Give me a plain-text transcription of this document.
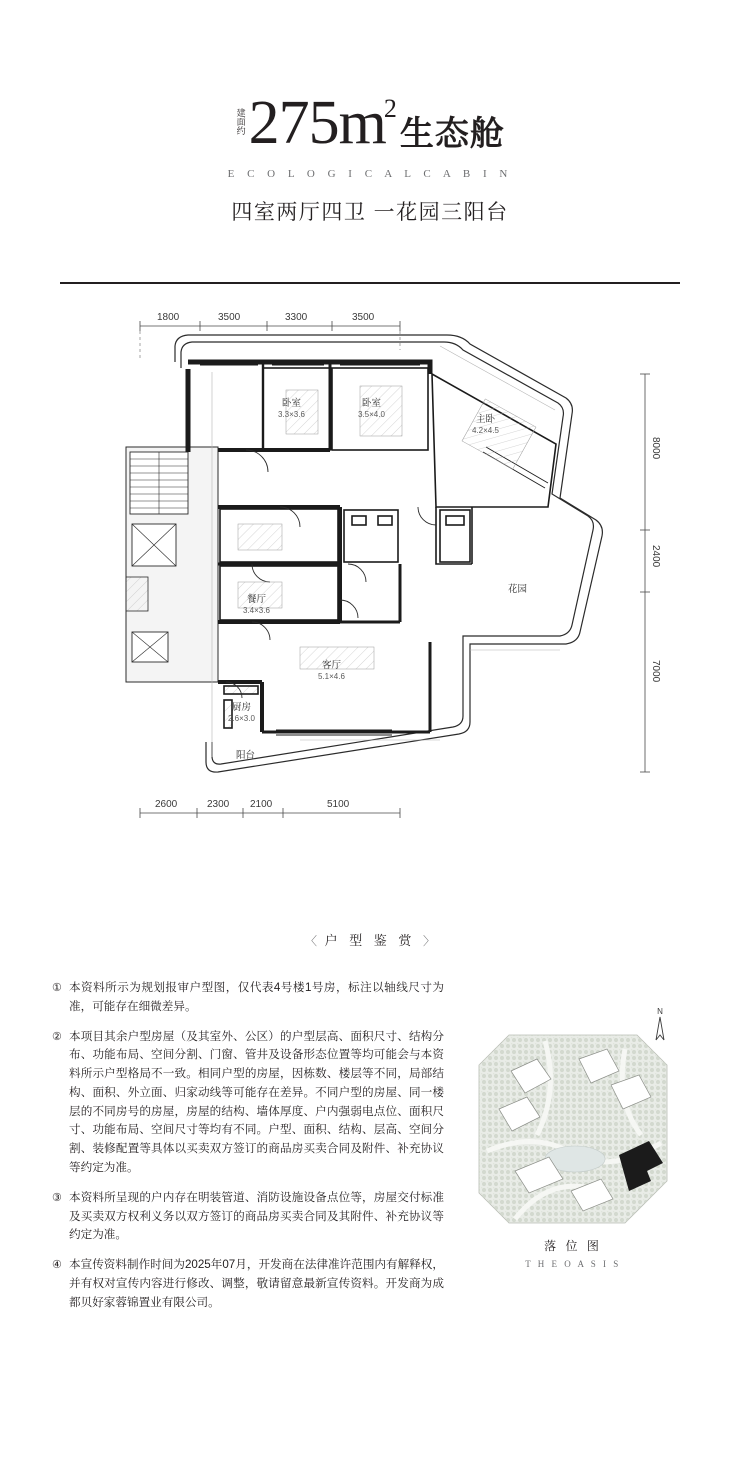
建面约 $275m^2$
生态舱
E C O L O G I C A L C A B I N
四室两厅四卫 一花园三阳台
1800	3500	3300	3500
2600	2300 2100	5100
8000
2400
7000
卧室
3.3×3.6
卧室
3.5×4.0	主卧
4.2×4.5
客厅
5.1×4.6
餐厅
3.4×3.6
厨房
2.6×3.0
花园
阳台
〈 户 型 鉴 赏 〉
① 本资料所示为规划报审户型图，仅代表4号楼1号房，标注以轴线尺寸为准，可能存在细微差异。
② 本项目其余户型房屋（及其室外、公区）的户型层高、面积尺寸、结构分布、功能布局、空间分割、门窗、管井及设备形态位置等均可能会与本资料所示户型格局不一致。相同户型的房屋，因栋数、楼层等不同，局部结构、面积、外立面、归家动线等可能存在差异。不同户型的房屋、同一楼层的不同房号的房屋，房屋的结构、墙体厚度、户内强弱电点位、面积尺寸、功能布局、空间尺寸等均有不同。户型、面积、结构、层高、空间分割、装修配置等具体以买卖双方签订的商品房买卖合同及附件、补充协议等约定为准。
③ 本资料所呈现的户内存在明装管道、消防设施设备点位等，房屋交付标准及买卖双方权利义务以双方签订的商品房买卖合同及其附件、补充协议等约定为准。
④ 本宣传资料制作时间为2025年07月，开发商在法律准许范围内有解释权，并有权对宣传内容进行修改、调整，敬请留意最新宣传资料。开发商为成都贝好家蓉锦置业有限公司。
N
落 位 图
T H E O A S I S
